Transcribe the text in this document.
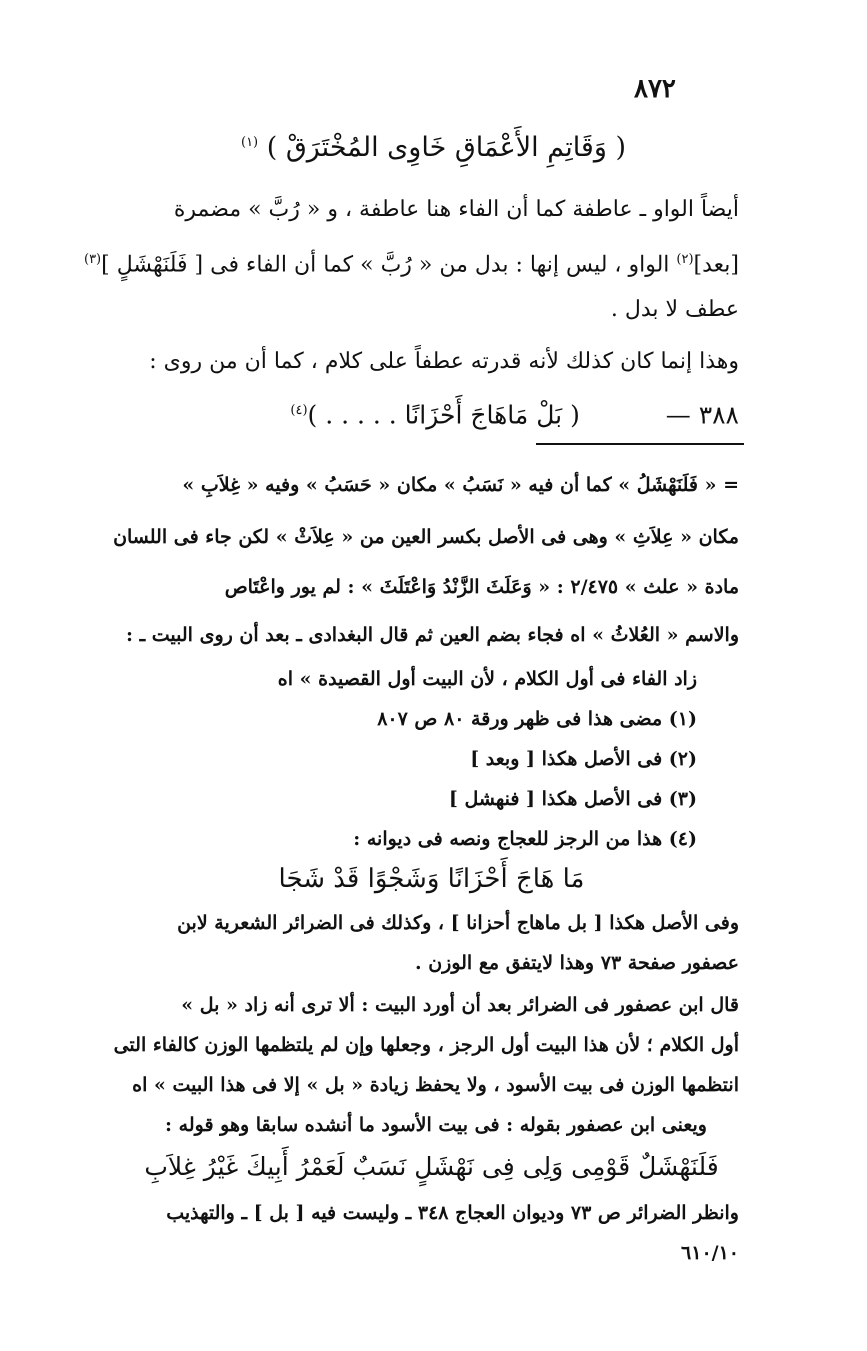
٨٧٢
( وَقَاتِمِ الأَعْمَاقِ خَاوِى المُخْتَرَقْ ) $^{(١)}$
أيضاً الواو ـ عاطفة كما أن الفاء هنا عاطفة ، و « رُبَّ » مضمرة
[بعد]$^{(٢)}$ الواو ، ليس إنها : بدل من « رُبَّ » كما أن الفاء فى [ فَلَنَهْشَلٍ ]$^{(٣)}$
عطف لا بدل .
وهذا إنما كان كذلك لأنه قدرته عطفاً على كلام ، كما أن من روى :
٣٨٨ —  ( بَلْ مَاهَاجَ أَحْزَانًا . . . . . )$^{(٤)}$
= « فَلَنَهْشَلُ » كما أن فيه « نَسَبُ » مكان « حَسَبُ » وفيه « غِلاَبِ »
مكان « عِلاَثِ » وهى فى الأصل بكسر العين من « عِلاَثْ » لكن جاء فى اللسان
مادة « علث » ٢/٤٧٥ : « وَعَلَثَ الزَّنْدُ وَاعْتَلَثَ » : لم يور واعْتَاص
والاسم « العُلاثُ » اه فجاء بضم العين ثم قال البغدادى ـ بعد أن روى البيت ـ :
زاد الفاء فى أول الكلام ، لأن البيت أول القصيدة » اه
(١) مضى هذا فى ظهر ورقة ٨٠ ص ٨٠٧
(٢) فى الأصل هكذا [ وبعد ]
(٣) فى الأصل هكذا [ فنهشل ]
(٤) هذا من الرجز للعجاج ونصه فى ديوانه :
مَا هَاجَ أَحْزَانًا وَشَجْوًا قَدْ شَجَا
وفى الأصل هكذا [ بل ماهاج أحزانا ] ، وكذلك فى الضرائر الشعرية لابن
عصفور صفحة ٧٣ وهذا لايتفق مع الوزن .
قال ابن عصفور فى الضرائر بعد أن أورد البيت : ألا ترى أنه زاد « بل »
أول الكلام ؛ لأن هذا البيت أول الرجز ، وجعلها وإن لم يلتظمها الوزن كالفاء التى
انتظمها الوزن فى بيت الأسود ، ولا يحفظ زيادة « بل » إلا فى هذا البيت » اه
ويعنى ابن عصفور بقوله : فى بيت الأسود ما أنشده سابقا وهو قوله :
فَلَنَهْشَلٌ قَوْمِى وَلِى فِى نَهْشَلٍ نَسَبٌ لَعَمْرُ أَبِيكَ غَيْرُ غِلاَبِ
وانظر الضرائر ص ٧٣ وديوان العجاج ٣٤٨ ـ وليست فيه [ بل ] ـ والتهذيب
٦١٠/١٠
